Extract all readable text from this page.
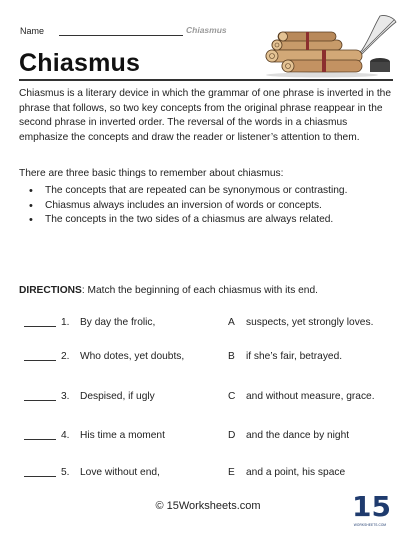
Name	Chiasmus
Chiasmus

Chiasmus is a literary device in which the grammar of one phrase is inverted in the phrase that follows, so two key concepts from the original phrase reappear in the second phrase in inverted order. The reversal of the words in a chiasmus emphasize the concepts and draw the reader or listener’s attention to them.

There are three basic things to remember about chiasmus:

• The concepts that are repeated can be synonymous or contrasting.
• Chiasmus always includes an inversion of words or concepts.
• The concepts in the two sides of a chiasmus are always related.

DIRECTIONS: Match the beginning of each chiasmus with its end.

1. By day the frolic,	A suspects, yet strongly loves.
2. Who dotes, yet doubts,	B if she’s fair, betrayed.
3. Despised, if ugly	C and without measure, grace.
4. His time a moment	D and the dance by night
5. Love without end,	E and a point, his space
© 15Worksheets.com	15
WORKSHEETS.COM
